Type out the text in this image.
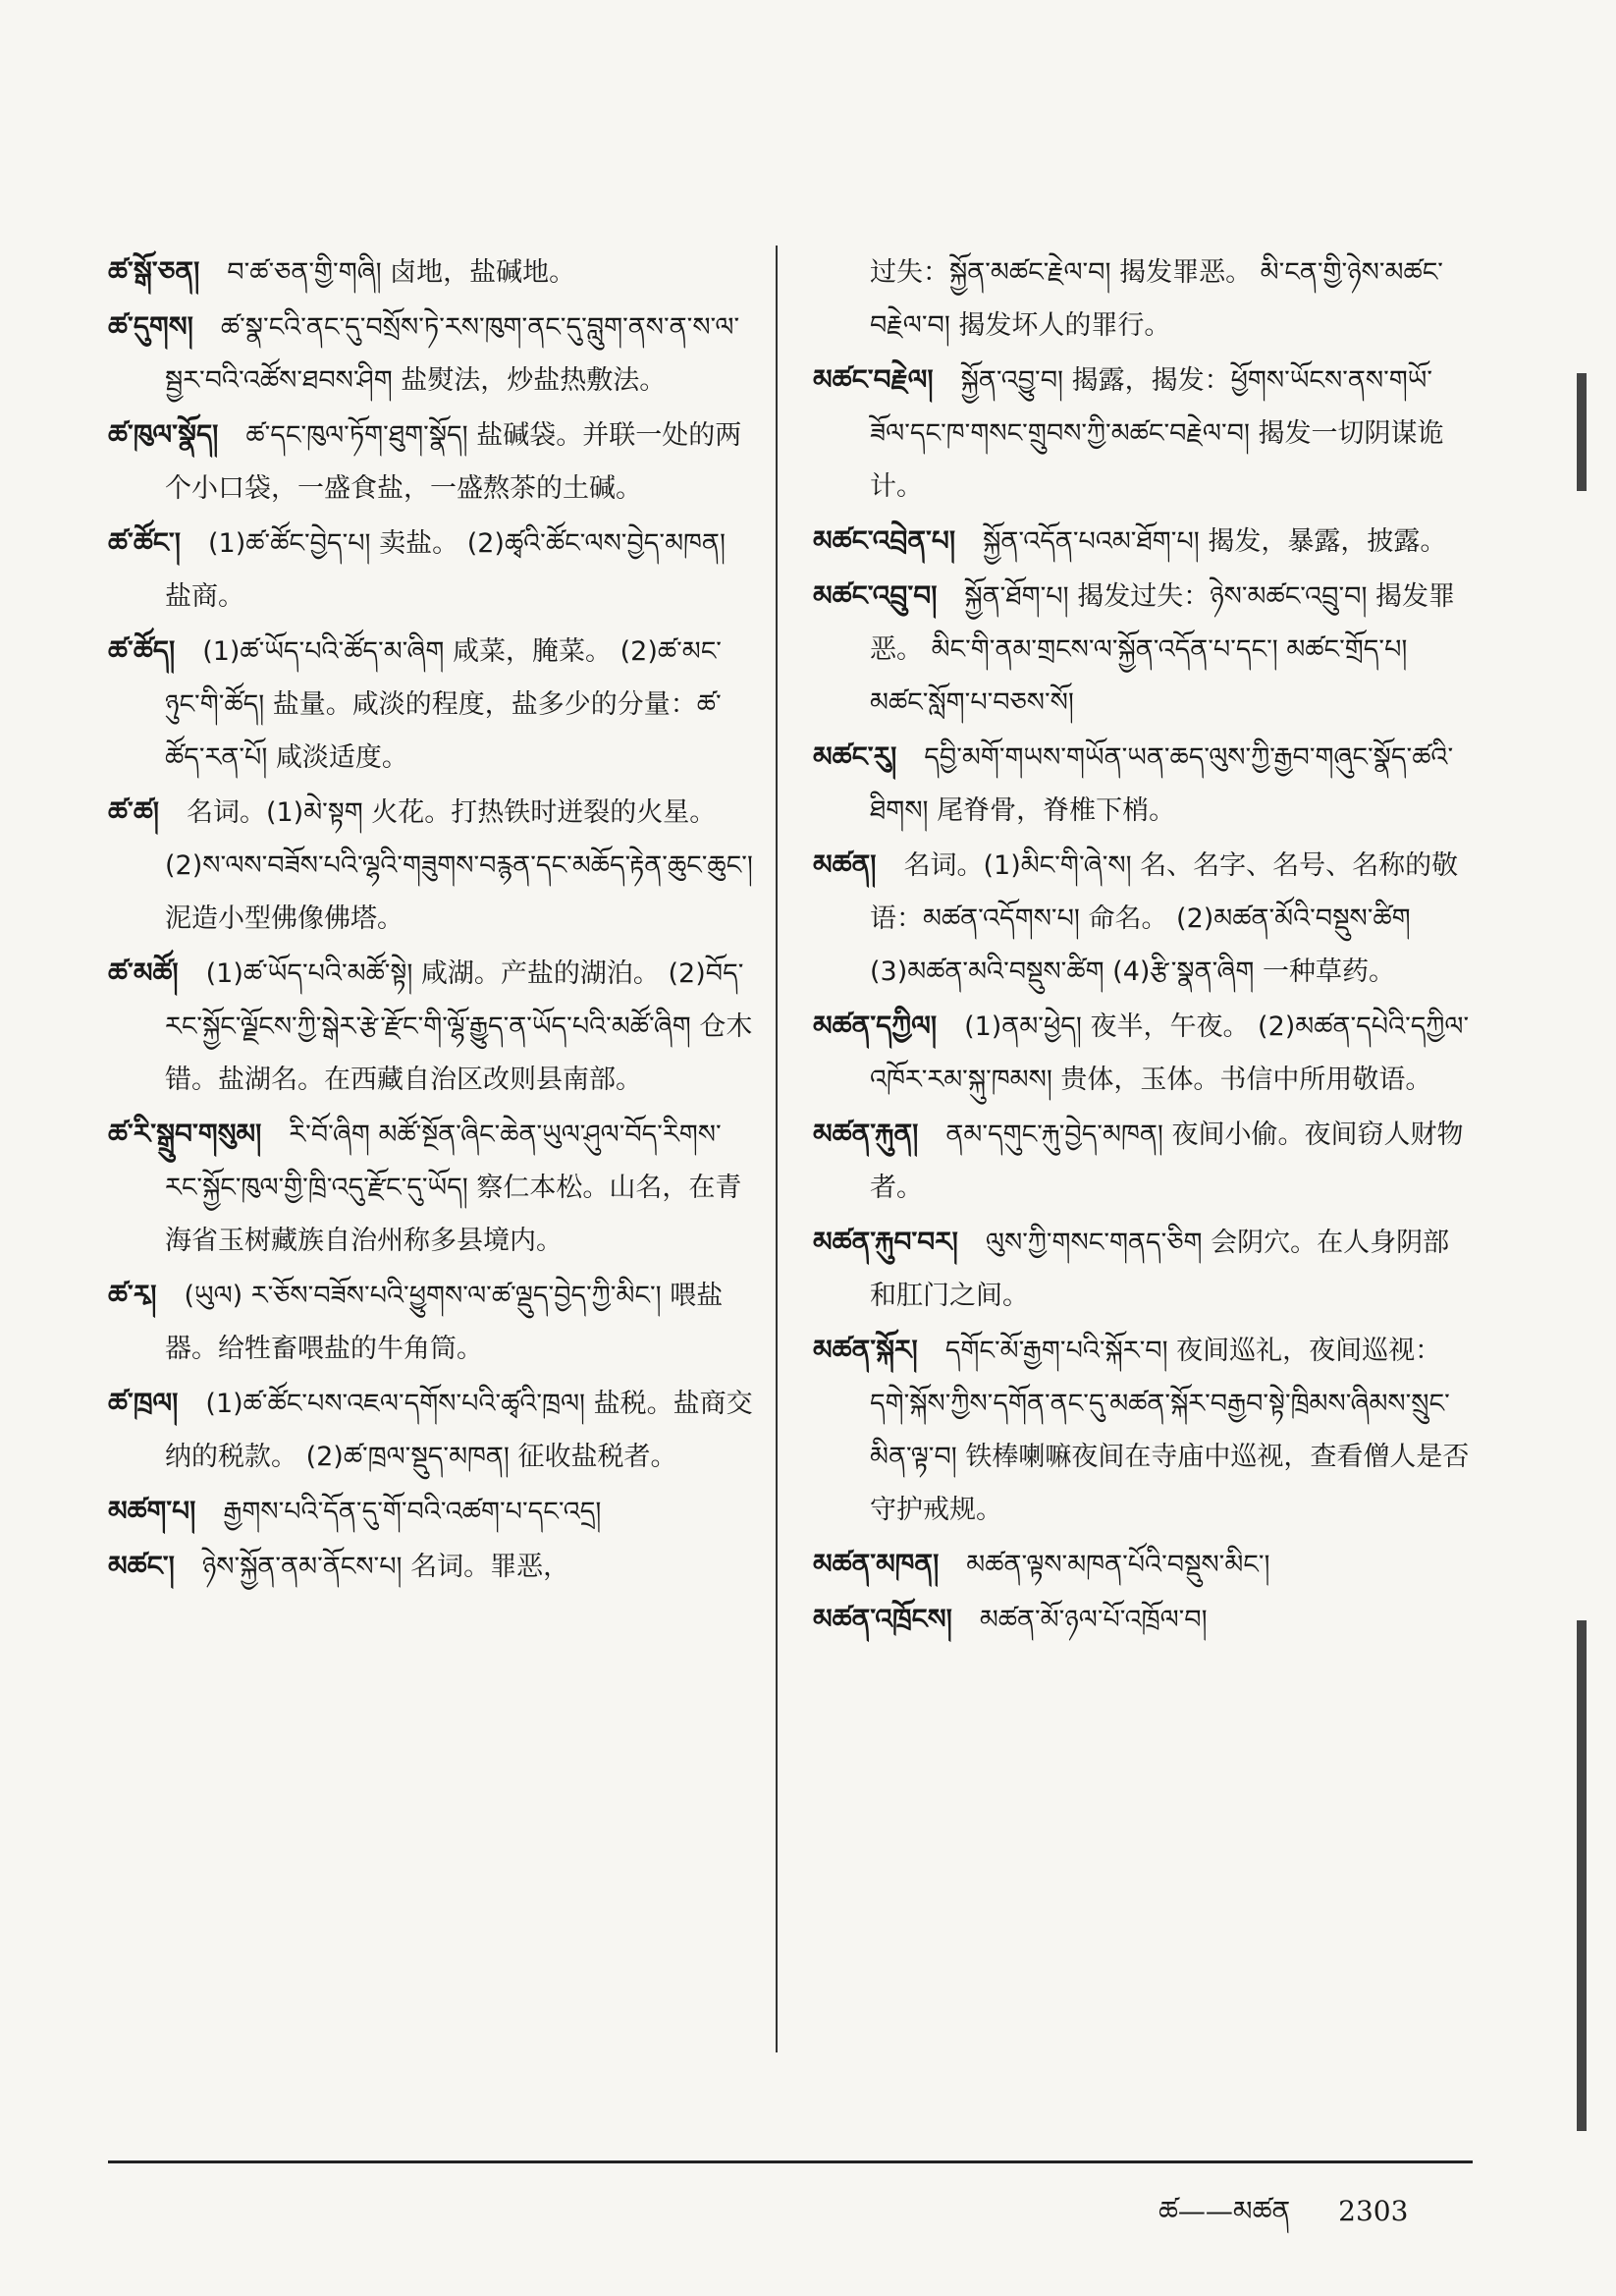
ཚ་སྒོ་ཅན། བ་ཚ་ཅན་གྱི་གཞི། 卤地，盐碱地。

ཚ་དུགས། ཚ་སྣ་ངའི་ནང་དུ་བསྲོས་ཏེ་རས་ཁུག་ནང་དུ་བླུག་ནས་ན་ས་ལ་སྦྱར་བའི་འཚོས་ཐབས་ཤིག 盐熨法，炒盐热敷法。

ཚ་ཁུལ་སྣོད། ཚ་དང་ཁུལ་ཏོག་ཐུག་སྣོད། 盐碱袋。并联一处的两个小口袋，一盛食盐，一盛熬茶的土碱。

ཚ་ཚོང་། (1)ཚ་ཚོང་བྱེད་པ། 卖盐。 (2)ཚྭའི་ཚོང་ལས་བྱེད་མཁན། 盐商。

ཚ་ཚོད། (1)ཚ་ཡོད་པའི་ཚོད་མ་ཞིག 咸菜，腌菜。 (2)ཚ་མང་ཉུང་གི་ཚོད། 盐量。咸淡的程度，盐多少的分量：ཚ་ཚོད་རན་པོ། 咸淡适度。

ཚ་ཚ། 名词。(1)མེ་སྟག 火花。打热铁时迸裂的火星。 (2)ས་ལས་བཟོས་པའི་ལྷའི་གཟུགས་བརྙན་དང་མཆོད་རྟེན་ཆུང་ཆུང་། 泥造小型佛像佛塔。

ཚ་མཚོ། (1)ཚ་ཡོད་པའི་མཚོ་སྟེ། 咸湖。产盐的湖泊。 (2)བོད་རང་སྐྱོང་ལྗོངས་ཀྱི་སྒེར་རྩེ་རྫོང་གི་ལྷོ་རྒྱུད་ན་ཡོད་པའི་མཚོ་ཞིག 仓木错。盐湖名。在西藏自治区改则县南部。

ཚ་རི་སྒྲུབ་གསུམ། རི་བོ་ཞིག མཚོ་སྔོན་ཞིང་ཆེན་ཡུལ་ཤུལ་བོད་རིགས་རང་སྐྱོང་ཁུལ་གྱི་ཁྲི་འདུ་རྫོང་དུ་ཡོད། 察仁本松。山名，在青海省玉树藏族自治州称多县境内。

ཚ་རྭ། (ཡུལ) ར་ཅོས་བཟོས་པའི་ཕྱུགས་ལ་ཚ་ལྡུད་བྱེད་ཀྱི་མིང་། 喂盐器。给牲畜喂盐的牛角筒。

ཚ་ཁྲལ། (1)ཚ་ཚོང་པས་འཇལ་དགོས་པའི་ཚྭའི་ཁྲལ། 盐税。盐商交纳的税款。 (2)ཚ་ཁྲལ་སྡུད་མཁན། 征收盐税者。

མཚག་པ། རྒྱགས་པའི་དོན་དུ་གོ་བའི་འཚག་པ་དང་འདྲ།

མཚང་། ཉེས་སྐྱོན་ནམ་ནོངས་པ། 名词。罪恶，

过失：སྐྱོན་མཚང་རྗེལ་བ། 揭发罪恶。 མི་ངན་གྱི་ཉེས་མཚང་བརྗེལ་བ། 揭发坏人的罪行。

མཚང་བརྗེལ། སྐྱོན་འབྱུ་བ། 揭露，揭发：ཕྱོགས་ཡོངས་ནས་གཡོ་ཟོལ་དང་ཁ་གསང་གྲུབས་ཀྱི་མཚང་བརྗེལ་བ། 揭发一切阴谋诡计。

མཚང་འབྲེན་པ། སྐྱོན་འདོན་པའམ་ཐོག་པ། 揭发，暴露，披露。

མཚང་འབྲུ་བ། སྐྱོན་ཐོག་པ། 揭发过失：ཉེས་མཚང་འབྲུ་བ། 揭发罪恶。 མིང་གི་ནམ་གྲངས་ལ་སྐྱོན་འདོན་པ་དང་། མཚང་གྲོད་པ། མཚང་སློག་པ་བཅས་སོ།

མཚང་རུ། དབྱི་མགོ་གཡས་གཡོན་ཡན་ཆད་ལུས་ཀྱི་རྒྱབ་གཞུང་སྣོད་ཚའི་ཐིགས། 尾脊骨，脊椎下梢。

མཚན། 名词。(1)མིང་གི་ཞེ་ས། 名、名字、名号、名称的敬语：མཚན་འདོགས་པ། 命名。 (2)མཚན་མོའི་བསྡུས་ཚིག (3)མཚན་མའི་བསྡུས་ཚིག (4)རྩི་སྣན་ཞིག 一种草药。

མཚན་དཀྱིལ། (1)ནམ་ཕྱེད། 夜半，午夜。 (2)མཚན་དཔེའི་དཀྱིལ་འཁོར་རམ་སྐུ་ཁམས། 贵体，玉体。书信中所用敬语。

མཚན་རྐུན། ནམ་དགུང་རྐུ་བྱེད་མཁན། 夜间小偷。夜间窃人财物者。

མཚན་རྐུབ་བར། ལུས་ཀྱི་གསང་གནད་ཅིག 会阴穴。在人身阴部和肛门之间。

མཚན་སྐོར། དགོང་མོ་རྒྱག་པའི་སྐོར་བ། 夜间巡礼，夜间巡视：དགེ་སྐོས་ཀྱིས་དགོན་ནང་དུ་མཚན་སྐོར་བརྒྱབ་སྟེ་ཁྲིམས་ཞིམས་སྲུང་མིན་ལྟ་བ། 铁棒喇嘛夜间在寺庙中巡视，查看僧人是否守护戒规。

མཚན་མཁན། མཚན་ལྟས་མཁན་པོའི་བསྡུས་མིང་།

མཚན་འཁྲོངས། མཚན་མོ་ཉལ་པོ་འཁྲོལ་བ།

ཚ——མཚན 2303
